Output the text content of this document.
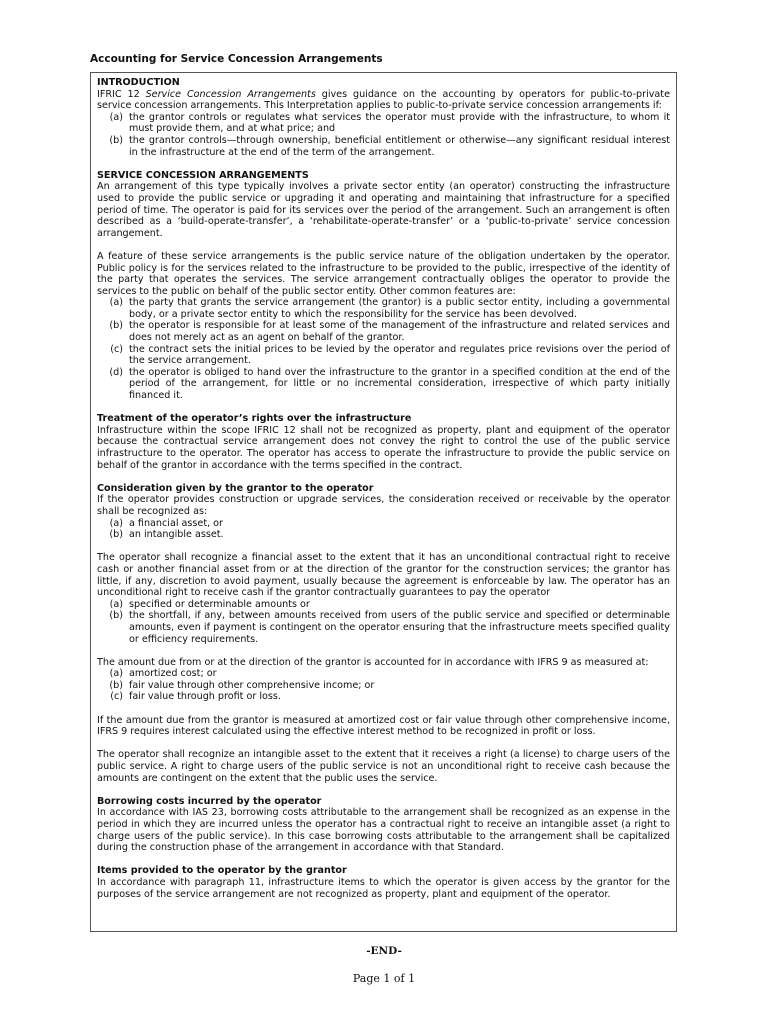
Accounting for Service Concession Arrangements

INTRODUCTION

IFRIC 12 Service Concession Arrangements gives guidance on the accounting by operators for public-to-private service concession arrangements. This Interpretation applies to public-to-private service concession arrangements if:

(a) the grantor controls or regulates what services the operator must provide with the infrastructure, to whom it must provide them, and at what price; and
(b) the grantor controls—through ownership, beneficial entitlement or otherwise—any significant residual interest in the infrastructure at the end of the term of the arrangement.

SERVICE CONCESSION ARRANGEMENTS

An arrangement of this type typically involves a private sector entity (an operator) constructing the infrastructure used to provide the public service or upgrading it and operating and maintaining that infrastructure for a specified period of time. The operator is paid for its services over the period of the arrangement. Such an arrangement is often described as a ‘build-operate-transfer’, a ‘rehabilitate-operate-transfer’ or a ‘public-to-private’ service concession arrangement.

A feature of these service arrangements is the public service nature of the obligation undertaken by the operator. Public policy is for the services related to the infrastructure to be provided to the public, irrespective of the identity of the party that operates the services. The service arrangement contractually obliges the operator to provide the services to the public on behalf of the public sector entity. Other common features are:

(a) the party that grants the service arrangement (the grantor) is a public sector entity, including a governmental body, or a private sector entity to which the responsibility for the service has been devolved.
(b) the operator is responsible for at least some of the management of the infrastructure and related services and does not merely act as an agent on behalf of the grantor.
(c) the contract sets the initial prices to be levied by the operator and regulates price revisions over the period of the service arrangement.
(d) the operator is obliged to hand over the infrastructure to the grantor in a specified condition at the end of the period of the arrangement, for little or no incremental consideration, irrespective of which party initially financed it.

Treatment of the operator’s rights over the infrastructure

Infrastructure within the scope IFRIC 12 shall not be recognized as property, plant and equipment of the operator because the contractual service arrangement does not convey the right to control the use of the public service infrastructure to the operator. The operator has access to operate the infrastructure to provide the public service on behalf of the grantor in accordance with the terms specified in the contract.

Consideration given by the grantor to the operator

If the operator provides construction or upgrade services, the consideration received or receivable by the operator shall be recognized as:

(a) a financial asset, or
(b) an intangible asset.

The operator shall recognize a financial asset to the extent that it has an unconditional contractual right to receive cash or another financial asset from or at the direction of the grantor for the construction services; the grantor has little, if any, discretion to avoid payment, usually because the agreement is enforceable by law. The operator has an unconditional right to receive cash if the grantor contractually guarantees to pay the operator

(a) specified or determinable amounts or
(b) the shortfall, if any, between amounts received from users of the public service and specified or determinable amounts, even if payment is contingent on the operator ensuring that the infrastructure meets specified quality or efficiency requirements.

The amount due from or at the direction of the grantor is accounted for in accordance with IFRS 9 as measured at:

(a) amortized cost; or
(b) fair value through other comprehensive income; or
(c) fair value through profit or loss.

If the amount due from the grantor is measured at amortized cost or fair value through other comprehensive income, IFRS 9 requires interest calculated using the effective interest method to be recognized in profit or loss.

The operator shall recognize an intangible asset to the extent that it receives a right (a license) to charge users of the public service. A right to charge users of the public service is not an unconditional right to receive cash because the amounts are contingent on the extent that the public uses the service.

Borrowing costs incurred by the operator

In accordance with IAS 23, borrowing costs attributable to the arrangement shall be recognized as an expense in the period in which they are incurred unless the operator has a contractual right to receive an intangible asset (a right to charge users of the public service). In this case borrowing costs attributable to the arrangement shall be capitalized during the construction phase of the arrangement in accordance with that Standard.

Items provided to the operator by the grantor

In accordance with paragraph 11, infrastructure items to which the operator is given access by the grantor for the purposes of the service arrangement are not recognized as property, plant and equipment of the operator.

-END-
Page 1 of 1
